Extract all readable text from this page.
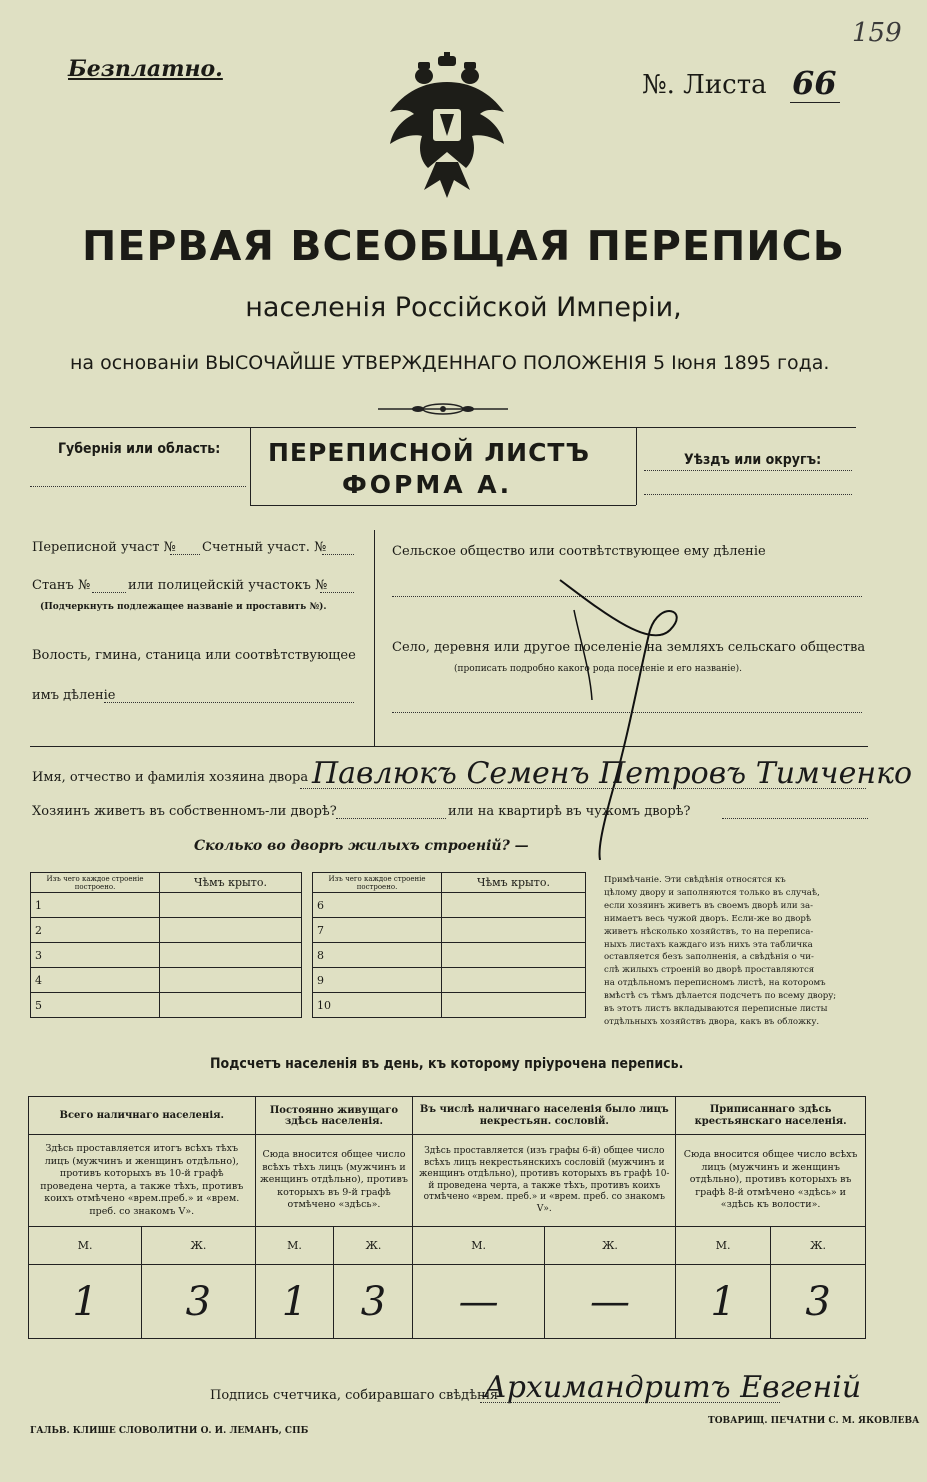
159
Безплатно.
№. Листа 66
ПЕРВАЯ ВСЕОБЩАЯ ПЕРЕПИСЬ
населенія Россійской Имперіи,
на основаніи ВЫСОЧАЙШЕ УТВЕРЖДЕННАГО ПОЛОЖЕНІЯ 5 Іюня 1895 года.
Губернія или область: ПЕРЕПИСНОЙ ЛИСТЪ
ФОРМА А.
Уѣздъ или округъ:
Переписной участ № Счетный участ. №
Станъ №	или полицейскій участокъ №
(Подчеркнуть подлежащее названіе и проставить №).
Волость, гмина, станица или соотвѣтствующее
имъ дѣленіе
Сельское общество или соотвѣтствующее ему дѣленіе
Село, деревня или другое поселеніе на земляхъ сельскаго общества
(прописать подробно какого рода поселеніе и его названіе).
Имя, отчество и фамилія хозяина двора Павлюкъ Семенъ Петровъ Тимченко
Хозяинъ живетъ въ собственномъ-ли дворѣ?	или на квартирѣ въ чужомъ дворѣ?
Сколько во дворѣ жилыхъ строеній? —
Изъ чего каждое строеніе построено.	Чѣмъ крыто.
1	
2	
3	
4	
5	
Изъ чего каждое строеніе построено.	Чѣмъ крыто.
6	
7	
8	
9	
10	
Примѣчаніе. Эти свѣдѣнія относятся къ
цѣлому двору и заполняются только въ случаѣ,
если хозяинъ живетъ въ своемъ дворѣ или за-
нимаетъ весь чужой дворъ. Если-же во дворѣ
живетъ нѣсколько хозяйствъ, то на переписа-
ныхъ листахъ каждаго изъ нихъ эта табличка
оставляется безъ заполненія, а свѣдѣнія о чи-
слѣ жилыхъ строеній во дворѣ проставляются
на отдѣльномъ переписномъ листѣ, на которомъ
вмѣстѣ съ тѣмъ дѣлается подсчетъ по всему двору;
въ этотъ листъ вкладываются переписные листы
отдѣльныхъ хозяйствъ двора, какъ въ обложку.
Подсчетъ населенія въ день, къ которому пріурочена перепись.
Всего наличнаго населенія.		Постоянно живущаго здѣсь населенія.		Въ числѣ наличнаго населенія было лицъ некрестьян. сословій.		Приписаннаго здѣсь крестьянскаго населенія.	
Здѣсь проставляется итогъ всѣхъ тѣхъ лицъ (мужчинъ и женщинъ отдѣльно), противъ которыхъ въ 10-й графѣ проведена черта, а также тѣхъ, противъ коихъ отмѣчено «врем.преб.» и «врем. преб. со знакомъ V».		Сюда вносится общее число всѣхъ тѣхъ лицъ (мужчинъ и женщинъ отдѣльно), противъ которыхъ въ 9-й графѣ отмѣчено «здѣсь».		Здѣсь проставляется (изъ графы 6-й) общее число всѣхъ лицъ некрестьянскихъ сословій (мужчинъ и женщинъ отдѣльно), противъ которыхъ въ графѣ 10-й проведена черта, а также тѣхъ, противъ коихъ отмѣчено «врем. преб.» и «врем. преб. со знакомъ V».		Сюда вносится общее число всѣхъ лицъ (мужчинъ и женщинъ отдѣльно), противъ которыхъ въ графѣ 8-й отмѣчено «здѣсь» и «здѣсь къ волости».	
М.	Ж.	М.	Ж.	М.	Ж.	М.	Ж.
1	3	1	3	—	—	1	3
Подпись счетчика, собиравшаго свѣдѣнія
Архимандритъ Евгеній
ГАЛЬВ. КЛИШЕ СЛОВОЛИТНИ О. И. ЛЕМАНЪ, СПБ
ТОВАРИЩ. ПЕЧАТНИ С. М. ЯКОВЛЕВА
